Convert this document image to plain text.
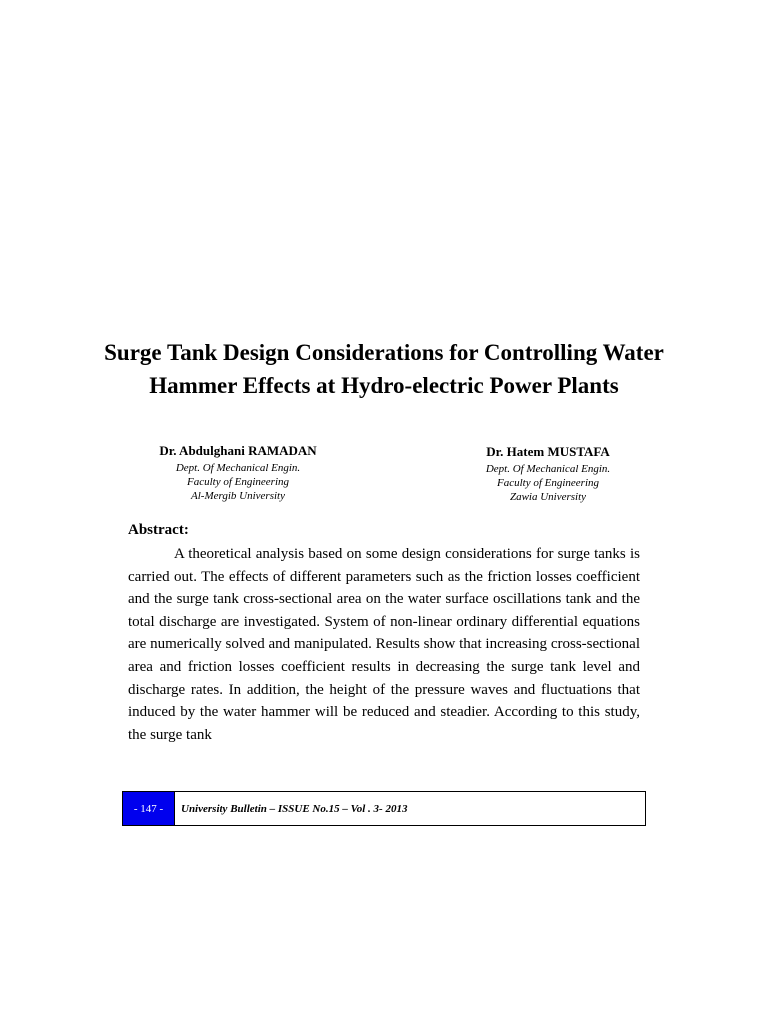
Surge Tank Design Considerations for Controlling Water Hammer Effects at Hydro-electric Power Plants
Dr. Abdulghani RAMADAN
Dept. Of Mechanical Engin.
Faculty of Engineering
Al-Mergib University
Dr. Hatem MUSTAFA
Dept. Of Mechanical Engin.
Faculty of Engineering
Zawia University
Abstract:
A theoretical analysis based on some design considerations for surge tanks is carried out. The effects of different parameters such as the friction losses coefficient and the surge tank cross-sectional area on the water surface oscillations tank and the total discharge are investigated. System of non-linear ordinary differential equations are numerically solved and manipulated. Results show that increasing cross-sectional area and friction losses coefficient results in decreasing the surge tank level and discharge rates. In addition, the height of the pressure waves and fluctuations that induced by the water hammer will be reduced and steadier. According to this study, the surge tank
- 147 -	University Bulletin – ISSUE No.15 – Vol . 3- 2013
